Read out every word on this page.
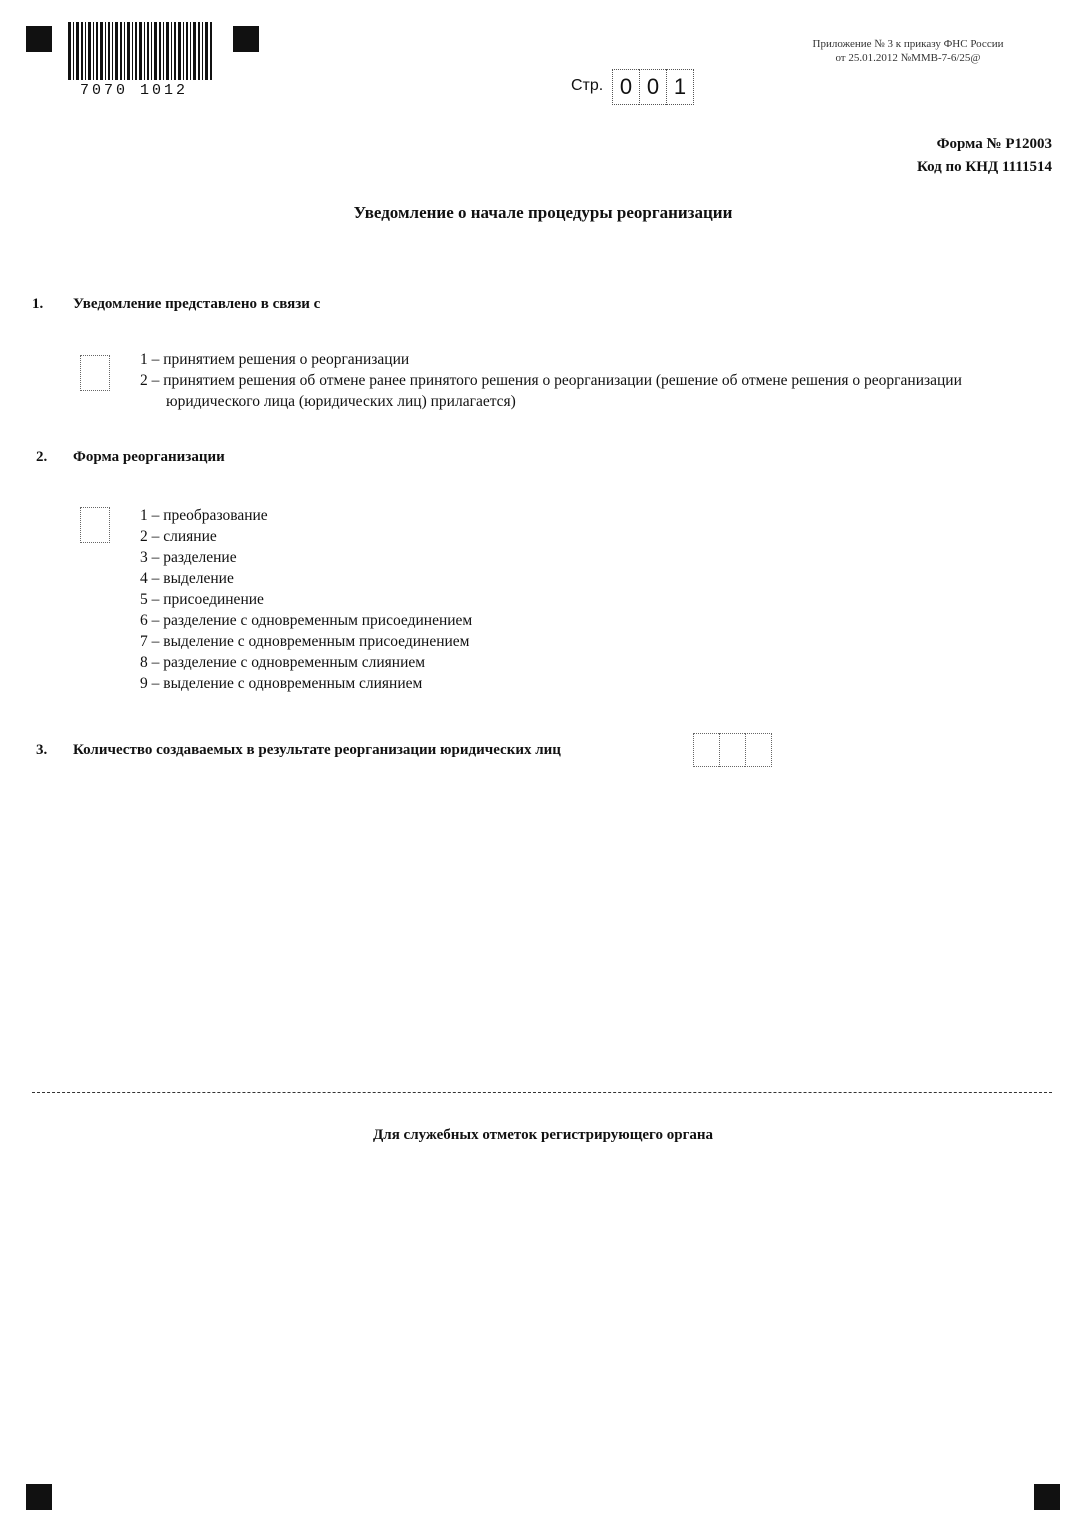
7070 1012
Приложение № 3 к приказу ФНС России
от 25.01.2012 №ММВ-7-6/25@
Стр. 0 0 1
Форма № Р12003
Код по КНД 1111514
Уведомление о начале процедуры реорганизации
1. Уведомление представлено в связи с
1 – принятием решения о реорганизации
2 – принятием решения об отмене ранее принятого решения о реорганизации (решение об отмене решения о реорганизации юридического лица (юридических лиц) прилагается)
2. Форма реорганизации
1 – преобразование
2 – слияние
3 – разделение
4 – выделение
5 – присоединение
6 – разделение с одновременным присоединением
7 – выделение с одновременным присоединением
8 – разделение с одновременным слиянием
9 – выделение с одновременным слиянием
3. Количество создаваемых в результате реорганизации юридических лиц
Для служебных отметок регистрирующего органа
